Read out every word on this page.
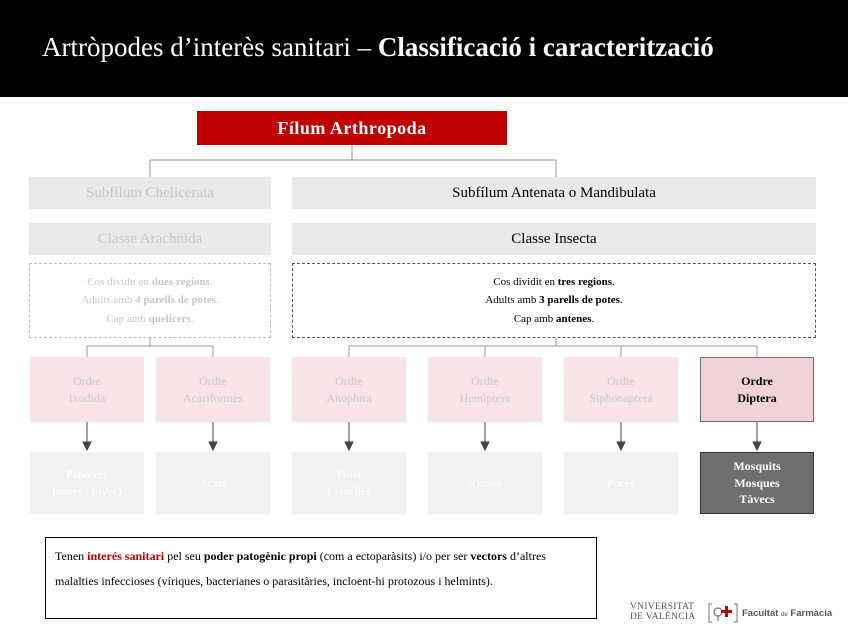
Artròpodes d’interès sanitari – Classificació i caracterització
Fílum Arthropoda
Subfílum Chelicerata	Subfílum Antenata o Mandibulata
Classe Arachnida	Classe Insecta
Cos dividit en dues regions.
Adults amb 4 parells de potes.
Cap amb quelícers.
Cos dividit en tres regions.
Adults amb 3 parells de potes.
Cap amb antenes.
Ordre
Ixodida
Ordre
Acariformes
Ordre
Anoplura
Ordre
Hemiptera
Ordre
Siphonaptera
Ordre
Diptera
Paparres
(dures i toves)
Àcars
Polls
Lladelles
Xinxes	Puces
Mosquits
Mosques
Tàvecs
Tenen interés sanitari pel seu poder patogènic propi (com a ectoparàsits) i/o per ser vectors d’altres malalties infeccioses (víriques, bacterianes o parasitàries, incloent-hi protozous i helmints).
VNIVERSITAT
DE VALÈNCIA	Facultat de Farmàcia
